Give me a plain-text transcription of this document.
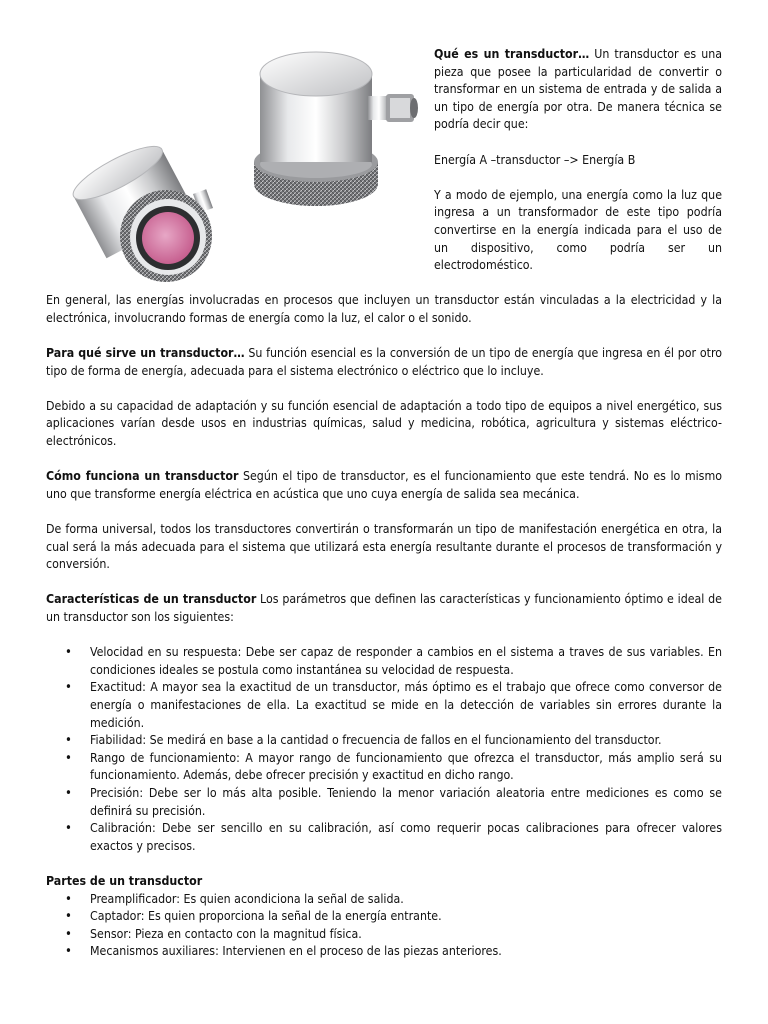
Qué es un transductor… Un transductor es una pieza que posee la particularidad de convertir o transformar en un sistema de entrada y de salida a un tipo de energía por otra. De manera técnica se podría decir que:

Energía A –transductor –> Energía B

Y a modo de ejemplo, una energía como la luz que ingresa a un transformador de este tipo podría convertirse en la energía indicada para el uso de un dispositivo, como podría ser un electrodoméstico.

En general, las energías involucradas en procesos que incluyen un transductor están vinculadas a la electricidad y la electrónica, involucrando formas de energía como la luz, el calor o el sonido.

Para qué sirve un transductor… Su función esencial es la conversión de un tipo de energía que ingresa en él por otro tipo de forma de energía, adecuada para el sistema electrónico o eléctrico que lo incluye.

Debido a su capacidad de adaptación y su función esencial de adaptación a todo tipo de equipos a nivel energético, sus aplicaciones varían desde usos en industrias químicas, salud y medicina, robótica, agricultura y sistemas eléctrico-electrónicos.

Cómo funciona un transductor Según el tipo de transductor, es el funcionamiento que este tendrá. No es lo mismo uno que transforme energía eléctrica en acústica que uno cuya energía de salida sea mecánica.

De forma universal, todos los transductores convertirán o transformarán un tipo de manifestación energética en otra, la cual será la más adecuada para el sistema que utilizará esta energía resultante durante el procesos de transformación y conversión.

Características de un transductor Los parámetros que definen las características y funcionamiento óptimo e ideal de un transductor son los siguientes:

• Velocidad en su respuesta: Debe ser capaz de responder a cambios en el sistema a traves de sus variables. En condiciones ideales se postula como instantánea su velocidad de respuesta.
• Exactitud: A mayor sea la exactitud de un transductor, más óptimo es el trabajo que ofrece como conversor de energía o manifestaciones de ella. La exactitud se mide en la detección de variables sin errores durante la medición.
• Fiabilidad: Se medirá en base a la cantidad o frecuencia de fallos en el funcionamiento del transductor.
• Rango de funcionamiento: A mayor rango de funcionamiento que ofrezca el transductor, más amplio será su funcionamiento. Además, debe ofrecer precisión y exactitud en dicho rango.
• Precisión: Debe ser lo más alta posible. Teniendo la menor variación aleatoria entre mediciones es como se definirá su precisión.
• Calibración: Debe ser sencillo en su calibración, así como requerir pocas calibraciones para ofrecer valores exactos y precisos.

Partes de un transductor

• Preamplificador: Es quien acondiciona la señal de salida.
• Captador: Es quien proporciona la señal de la energía entrante.
• Sensor: Pieza en contacto con la magnitud física.
• Mecanismos auxiliares: Intervienen en el proceso de las piezas anteriores.
